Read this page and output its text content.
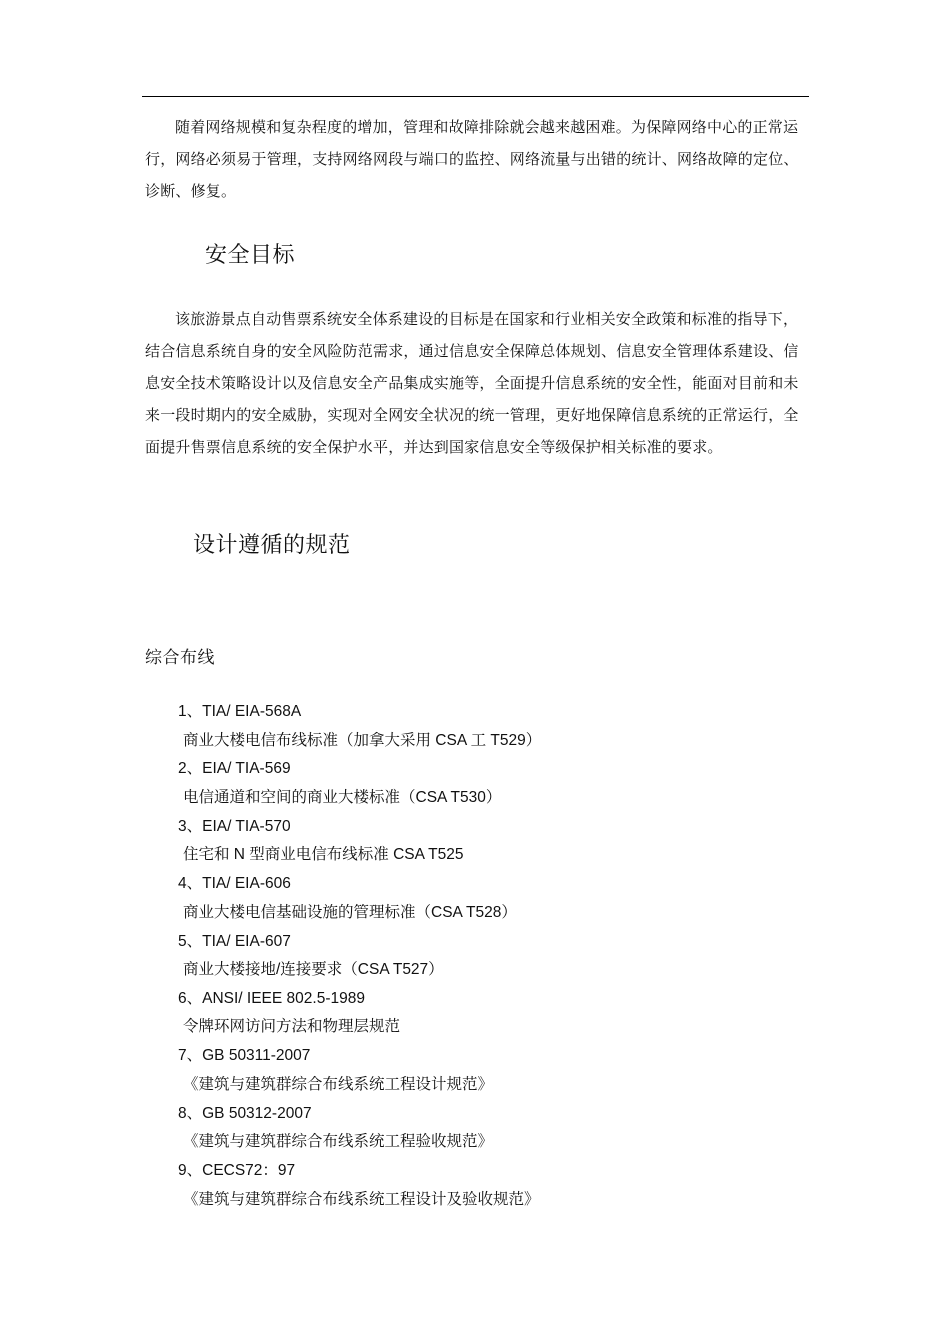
随着网络规模和复杂程度的增加，管理和故障排除就会越来越困难。为保障网络中心的正常运行，网络必须易于管理，支持网络网段与端口的监控、网络流量与出错的统计、网络故障的定位、诊断、修复。

安全目标

该旅游景点自动售票系统安全体系建设的目标是在国家和行业相关安全政策和标准的指导下，结合信息系统自身的安全风险防范需求，通过信息安全保障总体规划、信息安全管理体系建设、信息安全技术策略设计以及信息安全产品集成实施等，全面提升信息系统的安全性，能面对目前和未来一段时期内的安全威胁，实现对全网安全状况的统一管理，更好地保障信息系统的正常运行，全面提升售票信息系统的安全保护水平，并达到国家信息安全等级保护相关标准的要求。

设计遵循的规范
综合布线
1、TIA/ EIA-568A
商业大楼电信布线标准（加拿大采用 CSA 工 T529）
2、EIA/ TIA-569
电信通道和空间的商业大楼标准（CSA T530）
3、EIA/ TIA-570
住宅和 N 型商业电信布线标准 CSA T525
4、TIA/ EIA-606
商业大楼电信基础设施的管理标准（CSA T528）
5、TIA/ EIA-607
商业大楼接地/连接要求（CSA T527）
6、ANSI/ IEEE 802.5-1989
令牌环网访问方法和物理层规范
7、GB 50311-2007
《建筑与建筑群综合布线系统工程设计规范》
8、GB 50312-2007
《建筑与建筑群综合布线系统工程验收规范》
9、CECS72：97
《建筑与建筑群综合布线系统工程设计及验收规范》
